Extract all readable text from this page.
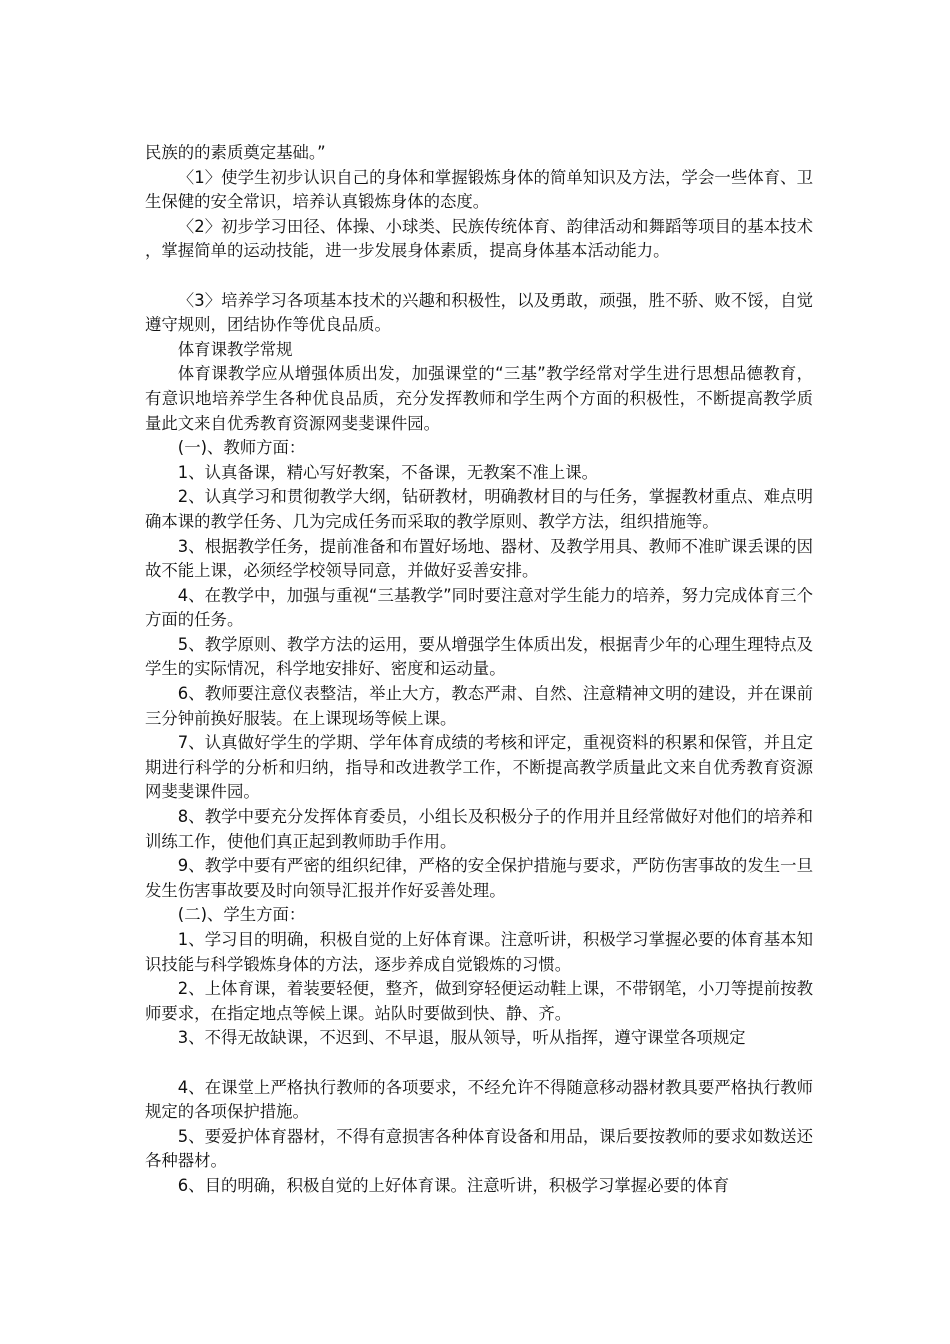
民族的的素质奠定基础。”

〈1〉使学生初步认识自己的身体和掌握锻炼身体的简单知识及方法，学会一些体育、卫生保健的安全常识，培养认真锻炼身体的态度。

〈2〉初步学习田径、体操、小球类、民族传统体育、韵律活动和舞蹈等项目的基本技术，掌握简单的运动技能，进一步发展身体素质，提高身体基本活动能力。

〈3〉培养学习各项基本技术的兴趣和积极性，以及勇敢，顽强，胜不骄、败不馁，自觉遵守规则，团结协作等优良品质。

体育课教学常规

体育课教学应从增强体质出发，加强课堂的“三基”教学经常对学生进行思想品德教育，有意识地培养学生各种优良品质，充分发挥教师和学生两个方面的积极性，不断提高教学质量此文来自优秀教育资源网斐斐课件园。

(一)、教师方面：

1、认真备课，精心写好教案，不备课，无教案不准上课。

2、认真学习和贯彻教学大纲，钻研教材，明确教材目的与任务，掌握教材重点、难点明确本课的教学任务、几为完成任务而采取的教学原则、教学方法，组织措施等。

3、根据教学任务，提前准备和布置好场地、器材、及教学用具、教师不准旷课丢课的因故不能上课，必须经学校领导同意，并做好妥善安排。

4、在教学中，加强与重视“三基教学”同时要注意对学生能力的培养，努力完成体育三个方面的任务。

5、教学原则、教学方法的运用，要从增强学生体质出发，根据青少年的心理生理特点及学生的实际情况，科学地安排好、密度和运动量。

6、教师要注意仪表整洁，举止大方，教态严肃、自然、注意精神文明的建设，并在课前三分钟前换好服装。在上课现场等候上课。

7、认真做好学生的学期、学年体育成绩的考核和评定，重视资料的积累和保管，并且定期进行科学的分析和归纳，指导和改进教学工作，不断提高教学质量此文来自优秀教育资源网斐斐课件园。

8、教学中要充分发挥体育委员，小组长及积极分子的作用并且经常做好对他们的培养和训练工作，使他们真正起到教师助手作用。

9、教学中要有严密的组织纪律，严格的安全保护措施与要求，严防伤害事故的发生一旦发生伤害事故要及时向领导汇报并作好妥善处理。

(二)、学生方面：

1、学习目的明确，积极自觉的上好体育课。注意听讲，积极学习掌握必要的体育基本知识技能与科学锻炼身体的方法，逐步养成自觉锻炼的习惯。

2、上体育课，着装要轻便，整齐，做到穿轻便运动鞋上课，不带钢笔，小刀等提前按教师要求，在指定地点等候上课。站队时要做到快、静、齐。

3、不得无故缺课，不迟到、不早退，服从领导，听从指挥，遵守课堂各项规定

4、在课堂上严格执行教师的各项要求，不经允许不得随意移动器材教具要严格执行教师规定的各项保护措施。

5、要爱护体育器材，不得有意损害各种体育设备和用品，课后要按教师的要求如数送还各种器材。

6、目的明确，积极自觉的上好体育课。注意听讲，积极学习掌握必要的体育
